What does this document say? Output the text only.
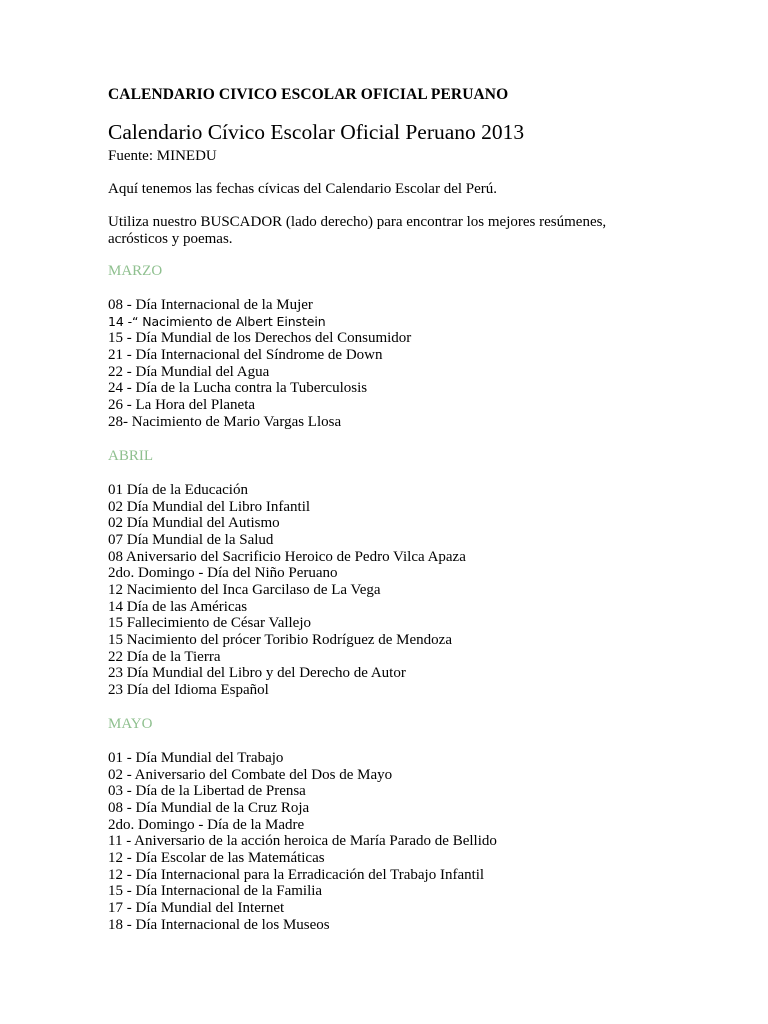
CALENDARIO CIVICO ESCOLAR OFICIAL PERUANO
Calendario Cívico Escolar Oficial Peruano 2013
Fuente: MINEDU
Aquí tenemos las fechas cívicas del Calendario Escolar del Perú.
Utiliza nuestro BUSCADOR (lado derecho) para encontrar los mejores resúmenes, acrósticos y poemas.
MARZO
08 - Día Internacional de la Mujer
14 -“ Nacimiento de Albert Einstein
15 - Día Mundial de los Derechos del Consumidor
21 - Día Internacional del Síndrome de Down
22 - Día Mundial del Agua
24 - Día de la Lucha contra la Tuberculosis
26 - La Hora del Planeta
28- Nacimiento de Mario Vargas Llosa
ABRIL
01 Día de la Educación
02 Día Mundial del Libro Infantil
02 Día Mundial del Autismo
07 Día Mundial de la Salud
08 Aniversario del Sacrificio Heroico de Pedro Vilca Apaza
2do. Domingo - Día del Niño Peruano
12 Nacimiento del Inca Garcilaso de La Vega
14 Día de las Américas
15 Fallecimiento de César Vallejo
15 Nacimiento del prócer Toribio Rodríguez de Mendoza
22 Día de la Tierra
23 Día Mundial del Libro y del Derecho de Autor
23 Día del Idioma Español
MAYO
01 - Día Mundial del Trabajo
02 - Aniversario del Combate del Dos de Mayo
03 - Día de la Libertad de Prensa
08 - Día Mundial de la Cruz Roja
2do. Domingo - Día de la Madre
11 - Aniversario de la acción heroica de María Parado de Bellido
12 - Día Escolar de las Matemáticas
12 - Día Internacional para la Erradicación del Trabajo Infantil
15 - Día Internacional de la Familia
17 - Día Mundial del Internet
18 - Día Internacional de los Museos
